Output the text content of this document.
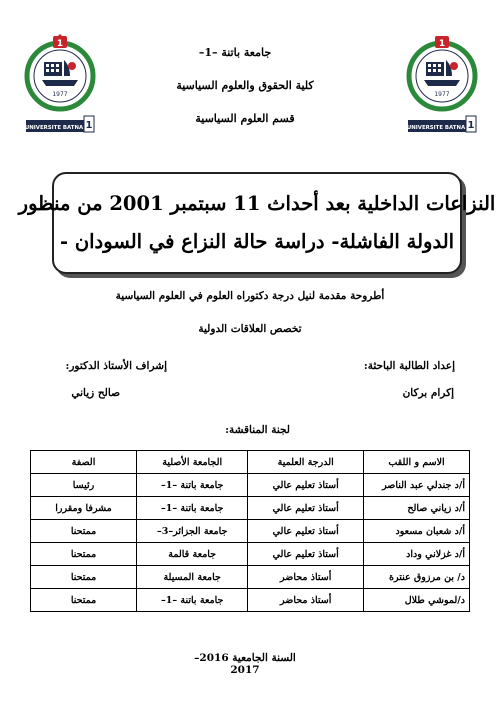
1
1977
UNIVERSITE BATNA 1
1
1977
UNIVERSITE BATNA 1
جامعة باتنة –1–
كلية الحقوق والعلوم السياسية
قسم العلوم السياسية
النزاعات الداخلية بعد أحداث 11 سبتمبر 2001 من منظور
الدولة الفاشلة- دراسة حالة النزاع في السودان -
أطروحة مقدمة لنيل درجة دكتوراه العلوم في العلوم السياسية
تخصص العلاقات الدولية
إعداد الطالبة الباحثة:
إشراف الأستاذ الدكتور:
إكرام بركان
صالح زياني
لجنة المناقشة:
الاسم و اللقب	الدرجة العلمية	الجامعة الأصلية	الصفة
أ/د جندلي عبد الناصر	أستاذ تعليم عالي	جامعة باتنة –1–	رئيسا
أ/د زياني صالح	أستاذ تعليم عالي	جامعة باتنة –1–	مشرفا ومقررا
أ/د شعبان مسعود	أستاذ تعليم عالي	جامعة الجزائر–3–	ممتحنا
أ/د غزلاني وداد	أستاذ تعليم عالي	جامعة قالمة	ممتحنا
د/ بن مرزوق عنترة	أستاذ محاضر	جامعة المسيلة	ممتحنا
د/لموشي طلال	أستاذ محاضر	جامعة باتنة –1–	ممتحنا
السنة الجامعية 2016–2017
